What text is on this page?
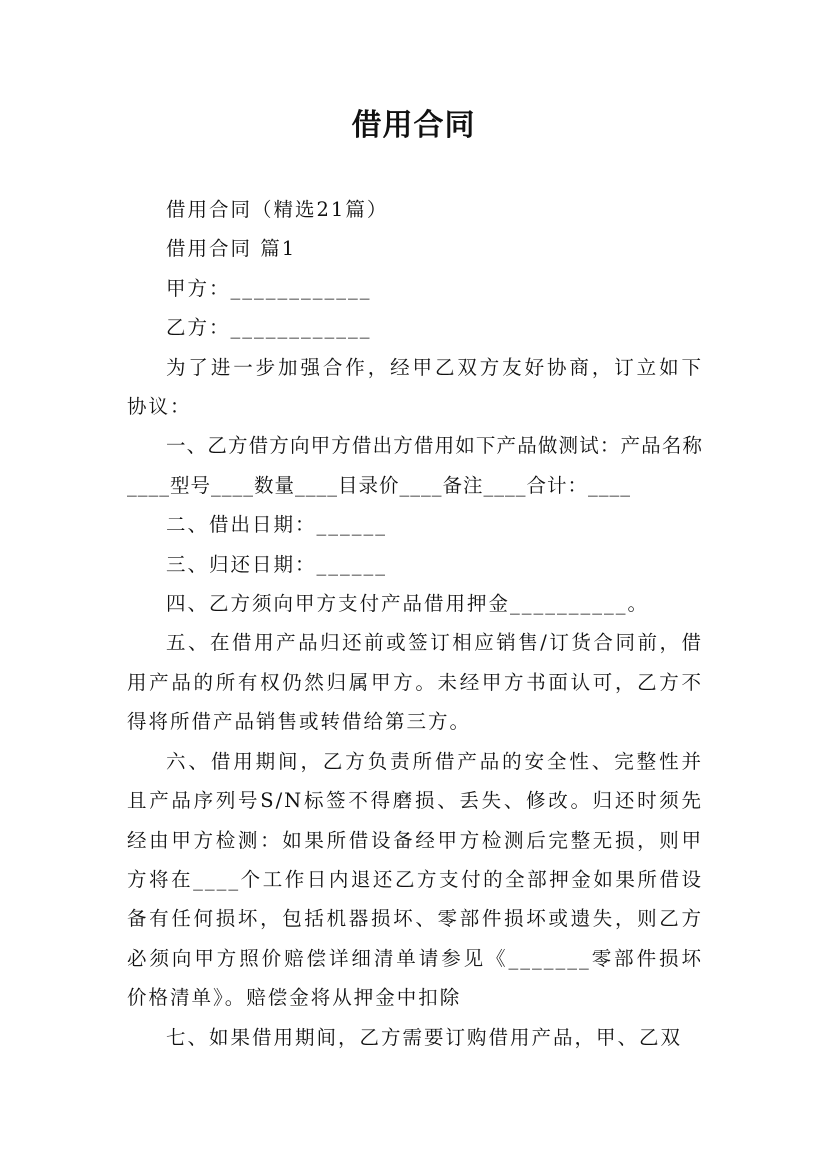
借用合同

借用合同（精选21篇）

借用合同 篇1

甲方：____________

乙方：____________

为了进一步加强合作，经甲乙双方友好协商，订立如下协议：

一、乙方借方向甲方借出方借用如下产品做测试：产品名称____型号____数量____目录价____备注____合计：____

二、借出日期：______

三、归还日期：______

四、乙方须向甲方支付产品借用押金__________。

五、在借用产品归还前或签订相应销售/订货合同前，借用产品的所有权仍然归属甲方。未经甲方书面认可，乙方不得将所借产品销售或转借给第三方。

六、借用期间，乙方负责所借产品的安全性、完整性并且产品序列号S/N标签不得磨损、丢失、修改。归还时须先经由甲方检测：如果所借设备经甲方检测后完整无损，则甲方将在____个工作日内退还乙方支付的全部押金如果所借设备有任何损坏，包括机器损坏、零部件损坏或遗失，则乙方必须向甲方照价赔偿详细清单请参见《_______零部件损坏价格清单》。赔偿金将从押金中扣除

七、如果借用期间，乙方需要订购借用产品，甲、乙双
